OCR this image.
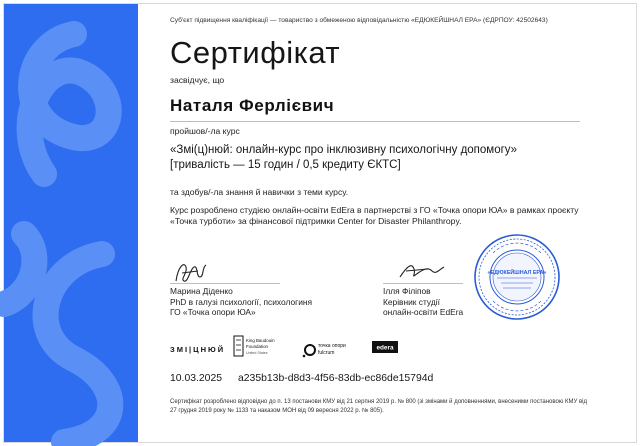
Суб'єкт підвищення кваліфікації — товариство з обмеженою відповідальністю «ЕДЮКЕЙШНАЛ ЕРА» (ЄДРПОУ: 42502643)
Сертифікат
засвідчує, що
Наталя Ферлієвич
пройшов/-ла курс
«Змі(ц)нюй: онлайн-курс про інклюзивну психологічну допомогу»
[тривалість — 15 годин / 0,5 кредиту ЄКТС]
та здобув/-ла знання й навички з теми курсу.
Курс розроблено студією онлайн-освіти EdEra в партнерстві з ГО «Точка опори ЮА» в рамках проєкту «Точка турботи» за фінансової підтримки Center for Disaster Philanthropy.
Марина Діденко
PhD в галузі психології, психологиня
ГО «Точка опори ЮА»
Ілля Філіпов
Керівник студії
онлайн-освіти EdEra
«ЕДЮКЕЙШНАЛ ЕРА»
ЗМІ|ЦНЮЙ
King Baudouin
Foundation
United States
точка опори
fulcrum
edera
10.03.2025 a235b13b-d8d3-4f56-83db-ec86de15794d
Сертифікат розроблено відповідно до п. 13 постанови КМУ від 21 серпня 2019 р. № 800 (зі змінами й доповненнями, внесеними постановою КМУ від 27 грудня 2019 року № 1133 та наказом МОН від 09 вересня 2022 р. № 805).
